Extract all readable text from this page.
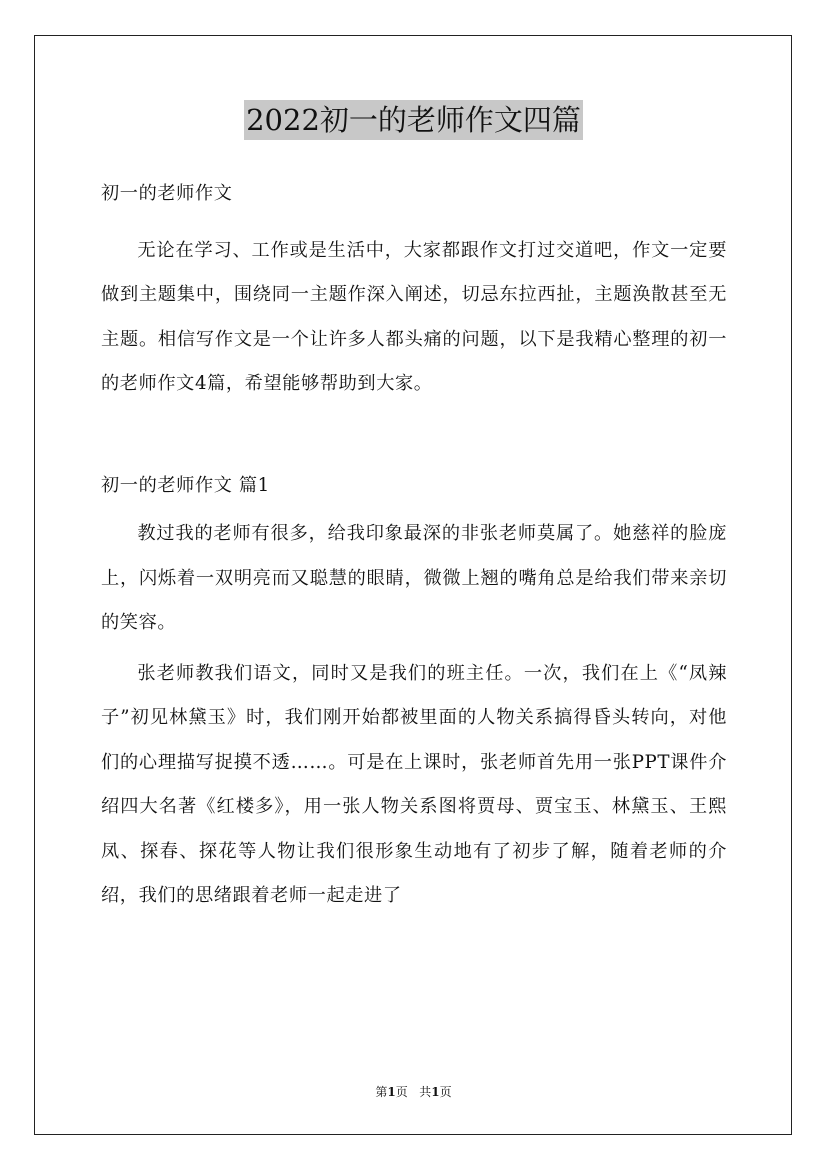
2022初一的老师作文四篇

初一的老师作文

无论在学习、工作或是生活中，大家都跟作文打过交道吧，作文一定要做到主题集中，围绕同一主题作深入阐述，切忌东拉西扯，主题涣散甚至无主题。相信写作文是一个让许多人都头痛的问题，以下是我精心整理的初一的老师作文4篇，希望能够帮助到大家。

初一的老师作文 篇1

教过我的老师有很多，给我印象最深的非张老师莫属了。她慈祥的脸庞上，闪烁着一双明亮而又聪慧的眼睛，微微上翘的嘴角总是给我们带来亲切的笑容。

张老师教我们语文，同时又是我们的班主任。一次，我们在上《“凤辣子”初见林黛玉》时，我们刚开始都被里面的人物关系搞得昏头转向，对他们的心理描写捉摸不透……。可是在上课时，张老师首先用一张PPT课件介绍四大名著《红楼多》，用一张人物关系图将贾母、贾宝玉、林黛玉、王熙凤、探春、探花等人物让我们很形象生动地有了初步了解，随着老师的介绍，我们的思绪跟着老师一起走进了

第1页 共1页
